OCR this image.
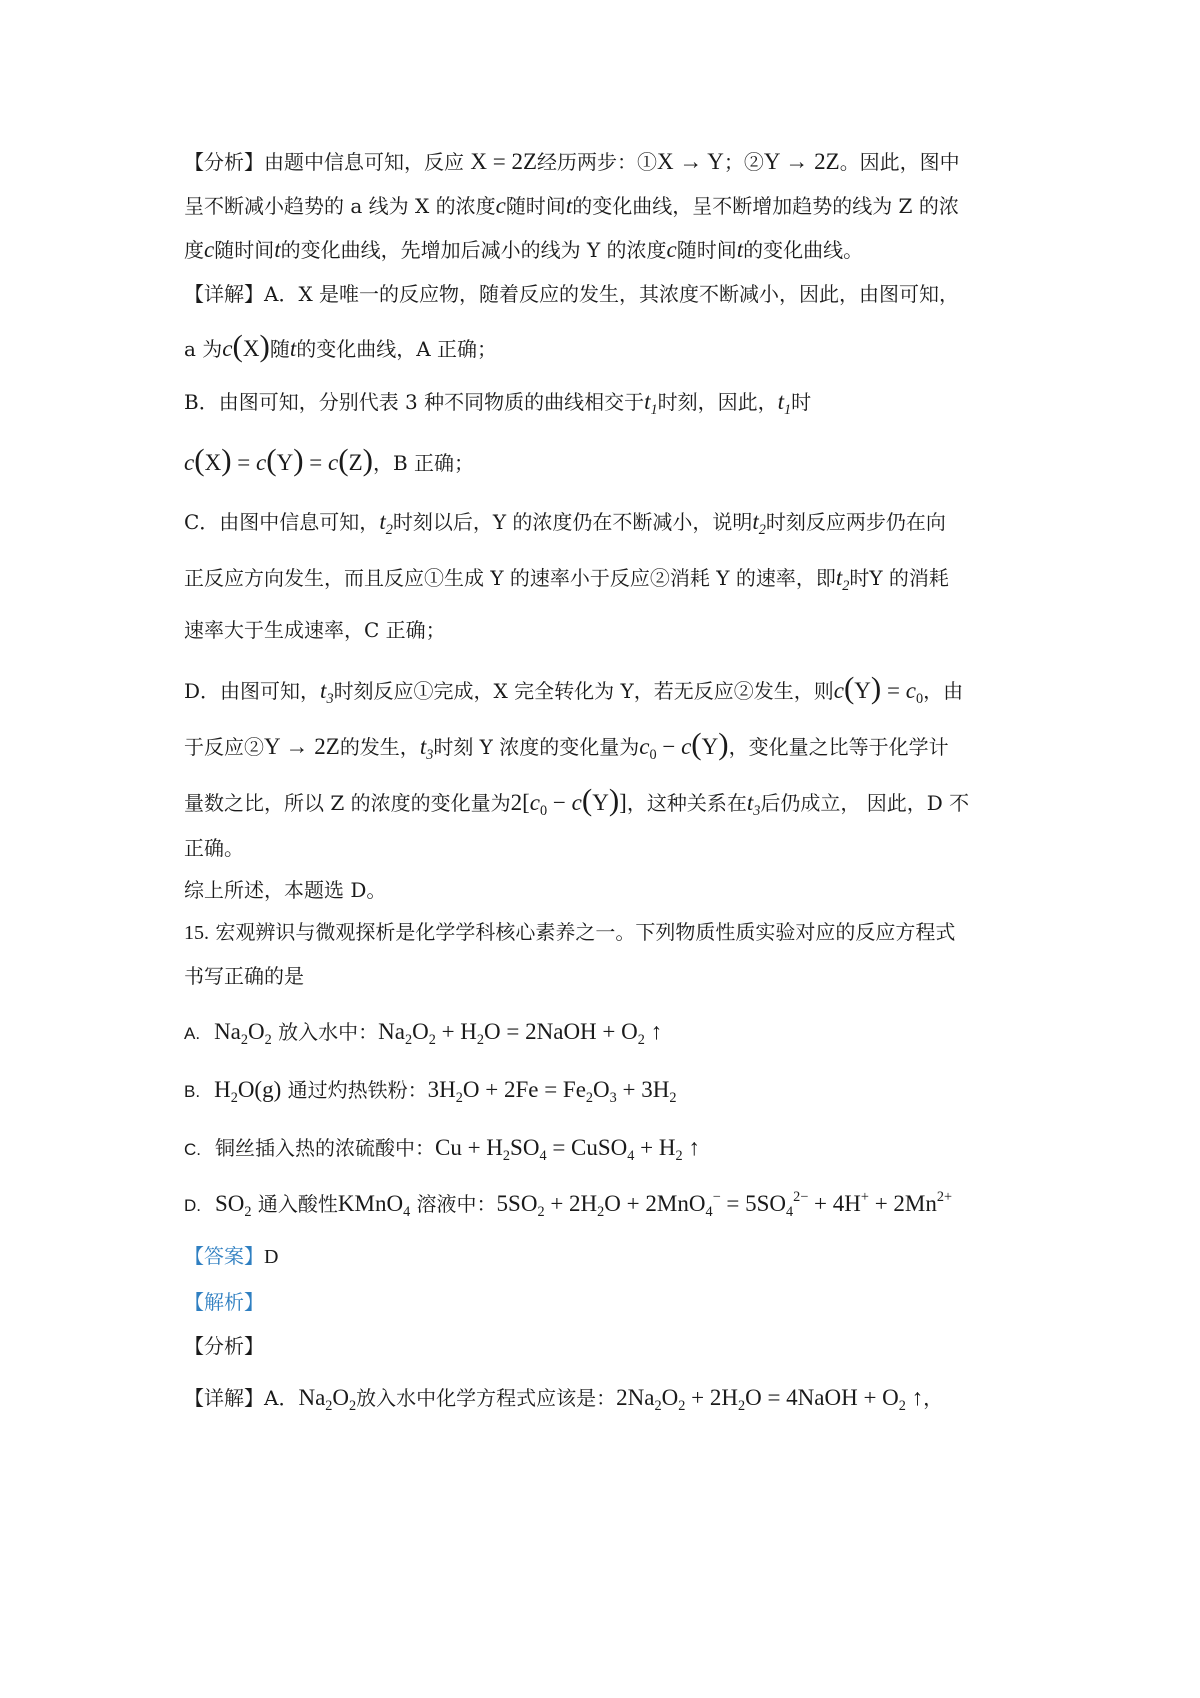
【分析】由题中信息可知，反应 X = 2Z经历两步：①X → Y；②Y → 2Z。因此，图中
呈不断减小趋势的 a 线为 X 的浓度c随时间t的变化曲线，呈不断增加趋势的线为 Z 的浓
度c随时间t的变化曲线，先增加后减小的线为 Y 的浓度c随时间t的变化曲线。
【详解】A．X 是唯一的反应物，随着反应的发生，其浓度不断减小，因此，由图可知，
a 为c(X)随t的变化曲线，A 正确；
B．由图可知，分别代表 3 种不同物质的曲线相交于$t_1$时刻，因此，$t_1$时
c(X) = c(Y) = c(Z)，B 正确；
C．由图中信息可知，$t_2$时刻以后，Y 的浓度仍在不断减小，说明$t_2$时刻反应两步仍在向
正反应方向发生，而且反应①生成 Y 的速率小于反应②消耗 Y 的速率，即$t_2$时Y 的消耗
速率大于生成速率，C 正确；
D．由图可知，$t_3$时刻反应①完成，X 完全转化为 Y，若无反应②发生，则$c(Y) = c_0$，由
于反应②Y → 2Z的发生，$t_3$时刻 Y 浓度的变化量为$c_0 - c(Y)$，变化量之比等于化学计
量数之比，所以 Z 的浓度的变化量为$2[c_0 - c(Y)]$，这种关系在$t_3$后仍成立， 因此，D 不
正确。
综上所述，本题选 D。
15. 宏观辨识与微观探析是化学学科核心素养之一。下列物质性质实验对应的反应方程式
书写正确的是
A. $Na_2O_2$ 放入水中：$Na_2O_2 + H_2O$ = 2NaOH + $O_2$ ↑
B. $H_2O(g)$ 通过灼热铁粉：$3H_2O + 2Fe = Fe_2O_3 + 3H_2$
C. 铜丝插入热的浓硫酸中：$Cu + H_2SO_4$ = CuSO$_4$ + $H_2$ ↑
D. $SO_2$ 通入酸性KMnO$_4$ 溶液中：$5SO_2 + 2H_2O + 2MnO_4^- = 5SO_4^{2-} + 4H^+ + 2Mn^{2+}$
【答案】D
【解析】
【分析】
【详解】A．$Na_2O_2$放入水中化学方程式应该是：$2Na_2O_2 + 2H_2O$ = 4NaOH + $O_2$ ↑，
